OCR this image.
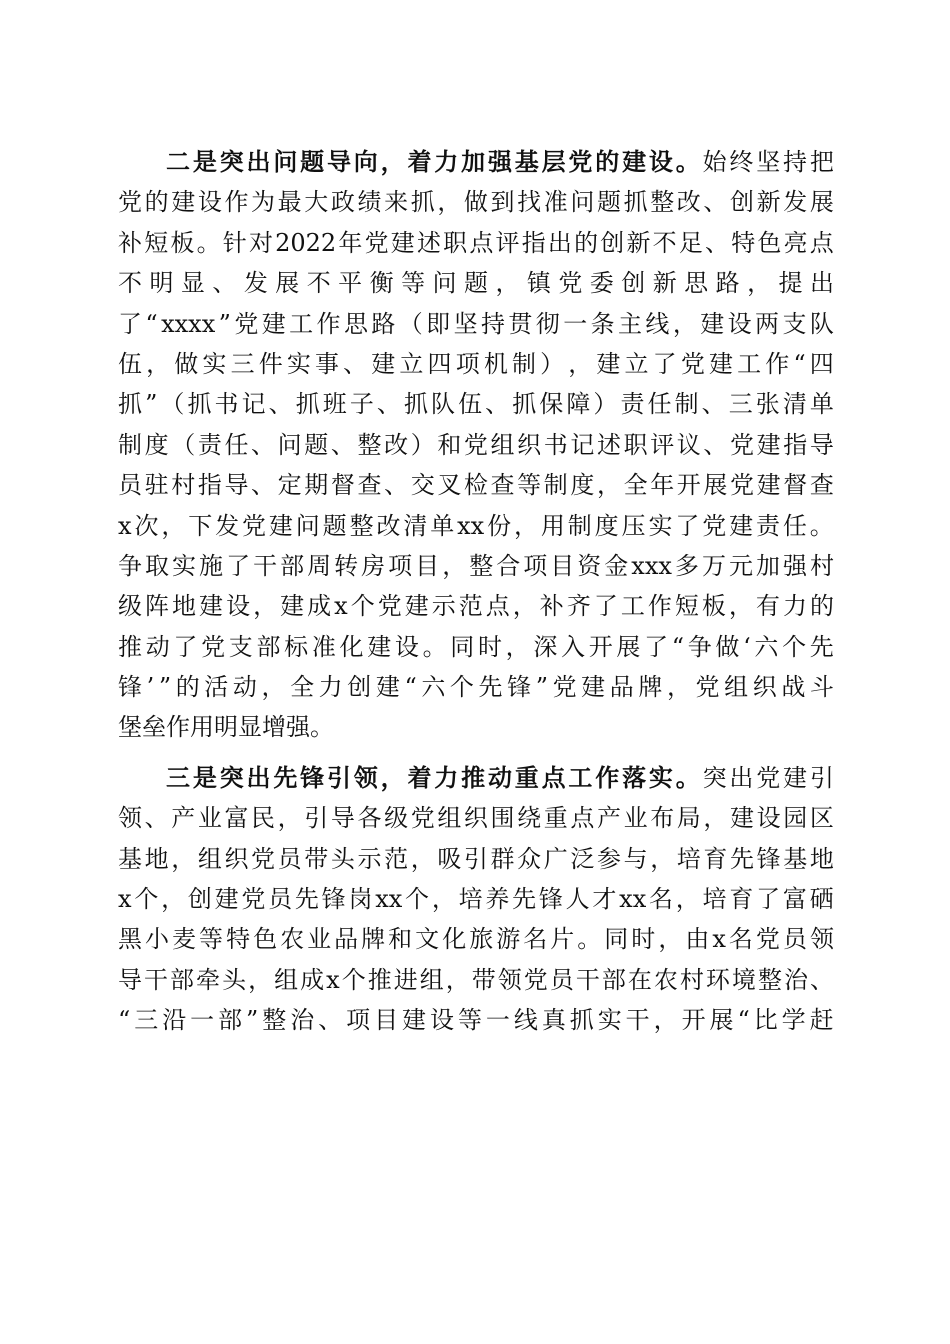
二 是 突 出 问 题 导 向 ， 着 力 加 强 基 层 党 的 建 设 。 始 终 坚 持 把
党 的 建 设 作 为 最 大 政 绩 来 抓 ， 做 到 找 准 问 题 抓 整 改 、 创 新 发 展
补 短 板 。 针 对 2022 年 党 建 述 职 点 评 指 出 的 创 新 不 足 、 特 色 亮 点
不 明 显 、 发 展 不 平 衡 等 问 题 ， 镇 党 委 创 新 思 路 ， 提 出
了 “ xxxx ” 党 建 工 作 思 路 （ 即 坚 持 贯 彻 一 条 主 线 ， 建 设 两 支 队
伍 ， 做 实 三 件 实 事 、 建 立 四 项 机 制 ） ， 建 立 了 党 建 工 作 “ 四
抓 ” （ 抓 书 记 、 抓 班 子 、 抓 队 伍 、 抓 保 障 ） 责 任 制 、 三 张 清 单
制 度 （ 责 任 、 问 题 、 整 改 ） 和 党 组 织 书 记 述 职 评 议 、 党 建 指 导
员 驻 村 指 导 、 定 期 督 查 、 交 叉 检 查 等 制 度 ， 全 年 开 展 党 建 督 查
x 次 ， 下 发 党 建 问 题 整 改 清 单 xx 份 ， 用 制 度 压 实 了 党 建 责 任 。
争 取 实 施 了 干 部 周 转 房 项 目 ， 整 合 项 目 资 金 xxx 多 万 元 加 强 村
级 阵 地 建 设 ， 建 成 x 个 党 建 示 范 点 ， 补 齐 了 工 作 短 板 ， 有 力 的
推 动 了 党 支 部 标 准 化 建 设 。 同 时 ， 深 入 开 展 了 “ 争 做 ‘ 六 个 先
锋 ’ ” 的 活 动 ， 全 力 创 建 “ 六 个 先 锋 ” 党 建 品 牌 ， 党 组 织 战 斗
堡 垒 作 用 明 显 增 强 。
三 是 突 出 先 锋 引 领 ， 着 力 推 动 重 点 工 作 落 实 。 突 出 党 建 引
领 、 产 业 富 民 ， 引 导 各 级 党 组 织 围 绕 重 点 产 业 布 局 ， 建 设 园 区
基 地 ， 组 织 党 员 带 头 示 范 ， 吸 引 群 众 广 泛 参 与 ， 培 育 先 锋 基 地
x 个 ， 创 建 党 员 先 锋 岗 xx 个 ， 培 养 先 锋 人 才 xx 名 ， 培 育 了 富 硒
黑 小 麦 等 特 色 农 业 品 牌 和 文 化 旅 游 名 片 。 同 时 ， 由 x 名 党 员 领
导 干 部 牵 头 ， 组 成 x 个 推 进 组 ， 带 领 党 员 干 部 在 农 村 环 境 整 治 、
“ 三 沿 一 部 ” 整 治 、 项 目 建 设 等 一 线 真 抓 实 干 ， 开 展 “ 比 学 赶
